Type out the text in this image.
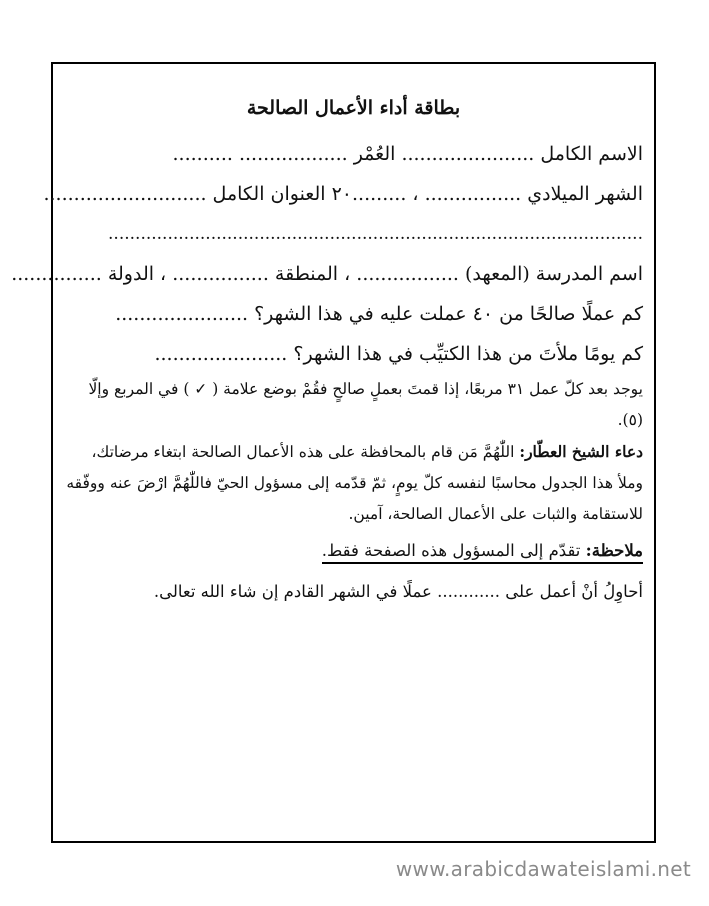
بطاقة أداء الأعمال الصالحة
الاسم الكامل ...................... العُمْر .................. ..........
الشهر الميلادي ................ ، .........٢٠ العنوان الكامل ...........................
...................................................................................................
اسم المدرسة (المعهد) ................. ، المنطقة ................ ، الدولة ...............
كم عملًا صالحًا من ٤٠ عملت عليه في هذا الشهر؟ ......................
كم يومًا ملأتَ من هذا الكتيِّب في هذا الشهر؟ ......................

يوجد بعد كلّ عمل ٣١ مربعًا، إذا قمتَ بعملٍ صالحٍ فقُمْ بوضع علامة ( ✓ ) في المربع وإلّا (٥).

دعاء الشيخ العطّار: اللّٰهُمَّ مَن قام بالمحافظة على هذه الأعمال الصالحة ابتغاء مرضاتك، وملأ هذا الجدول محاسبًا لنفسه كلّ يومٍ، ثمّ قدّمه إلى مسؤول الحيّ فاللّٰهُمَّ ارْضَ عنه ووفّقه للاستقامة والثبات على الأعمال الصالحة، آمين.

ملاحظة: تقدّم إلى المسؤول هذه الصفحة فقط.

أحاوِلُ أنْ أعمل على ............ عملًا في الشهر القادم إن شاء الله تعالى.

www.arabicdawateislami.net
